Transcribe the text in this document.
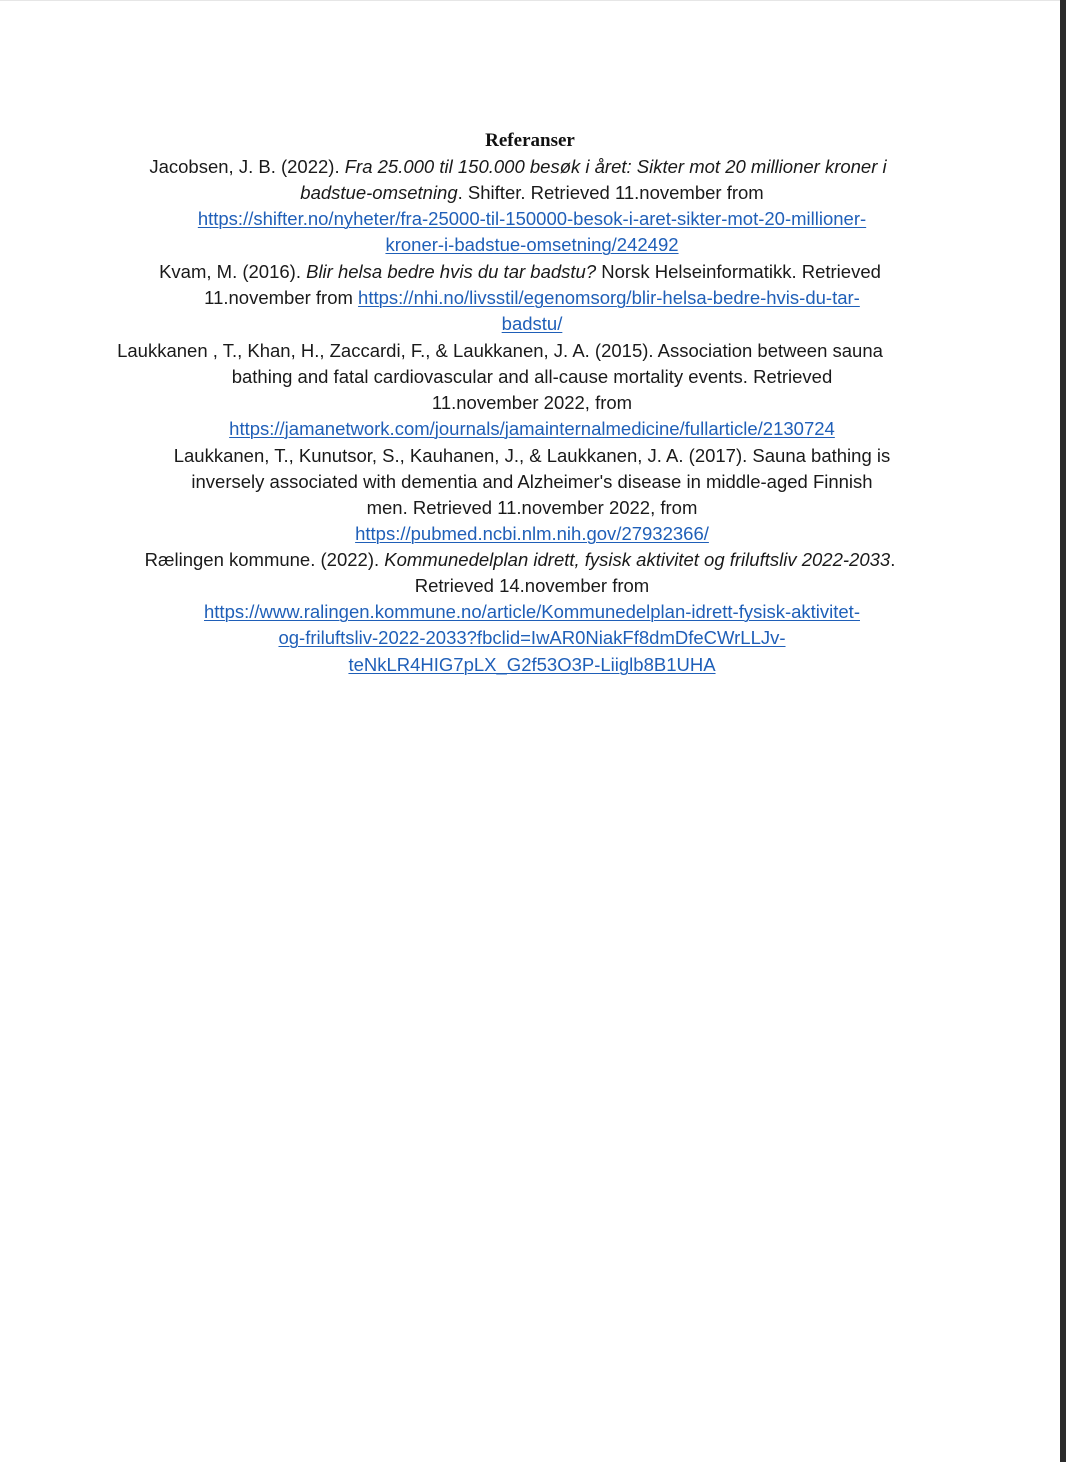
Referanser
Jacobsen, J. B. (2022). Fra 25.000 til 150.000 besøk i året: Sikter mot 20 millioner kroner i
badstue-omsetning. Shifter. Retrieved 11.november from
https://shifter.no/nyheter/fra-25000-til-150000-besok-i-aret-sikter-mot-20-millioner-
kroner-i-badstue-omsetning/242492
Kvam, M. (2016). Blir helsa bedre hvis du tar badstu? Norsk Helseinformatikk. Retrieved
11.november from https://nhi.no/livsstil/egenomsorg/blir-helsa-bedre-hvis-du-tar-
badstu/
Laukkanen , T., Khan, H., Zaccardi, F., & Laukkanen, J. A. (2015). Association between sauna
bathing and fatal cardiovascular and all-cause mortality events. Retrieved
11.november 2022, from
https://jamanetwork.com/journals/jamainternalmedicine/fullarticle/2130724
Laukkanen, T., Kunutsor, S., Kauhanen, J., & Laukkanen, J. A. (2017). Sauna bathing is
inversely associated with dementia and Alzheimer's disease in middle-aged Finnish
men. Retrieved 11.november 2022, from
https://pubmed.ncbi.nlm.nih.gov/27932366/
Rælingen kommune. (2022). Kommunedelplan idrett, fysisk aktivitet og friluftsliv 2022-2033.
Retrieved 14.november from
https://www.ralingen.kommune.no/article/Kommunedelplan-idrett-fysisk-aktivitet-
og-friluftsliv-2022-2033?fbclid=IwAR0NiakFf8dmDfeCWrLLJv-
teNkLR4HIG7pLX_G2f53O3P-Liiglb8B1UHA
